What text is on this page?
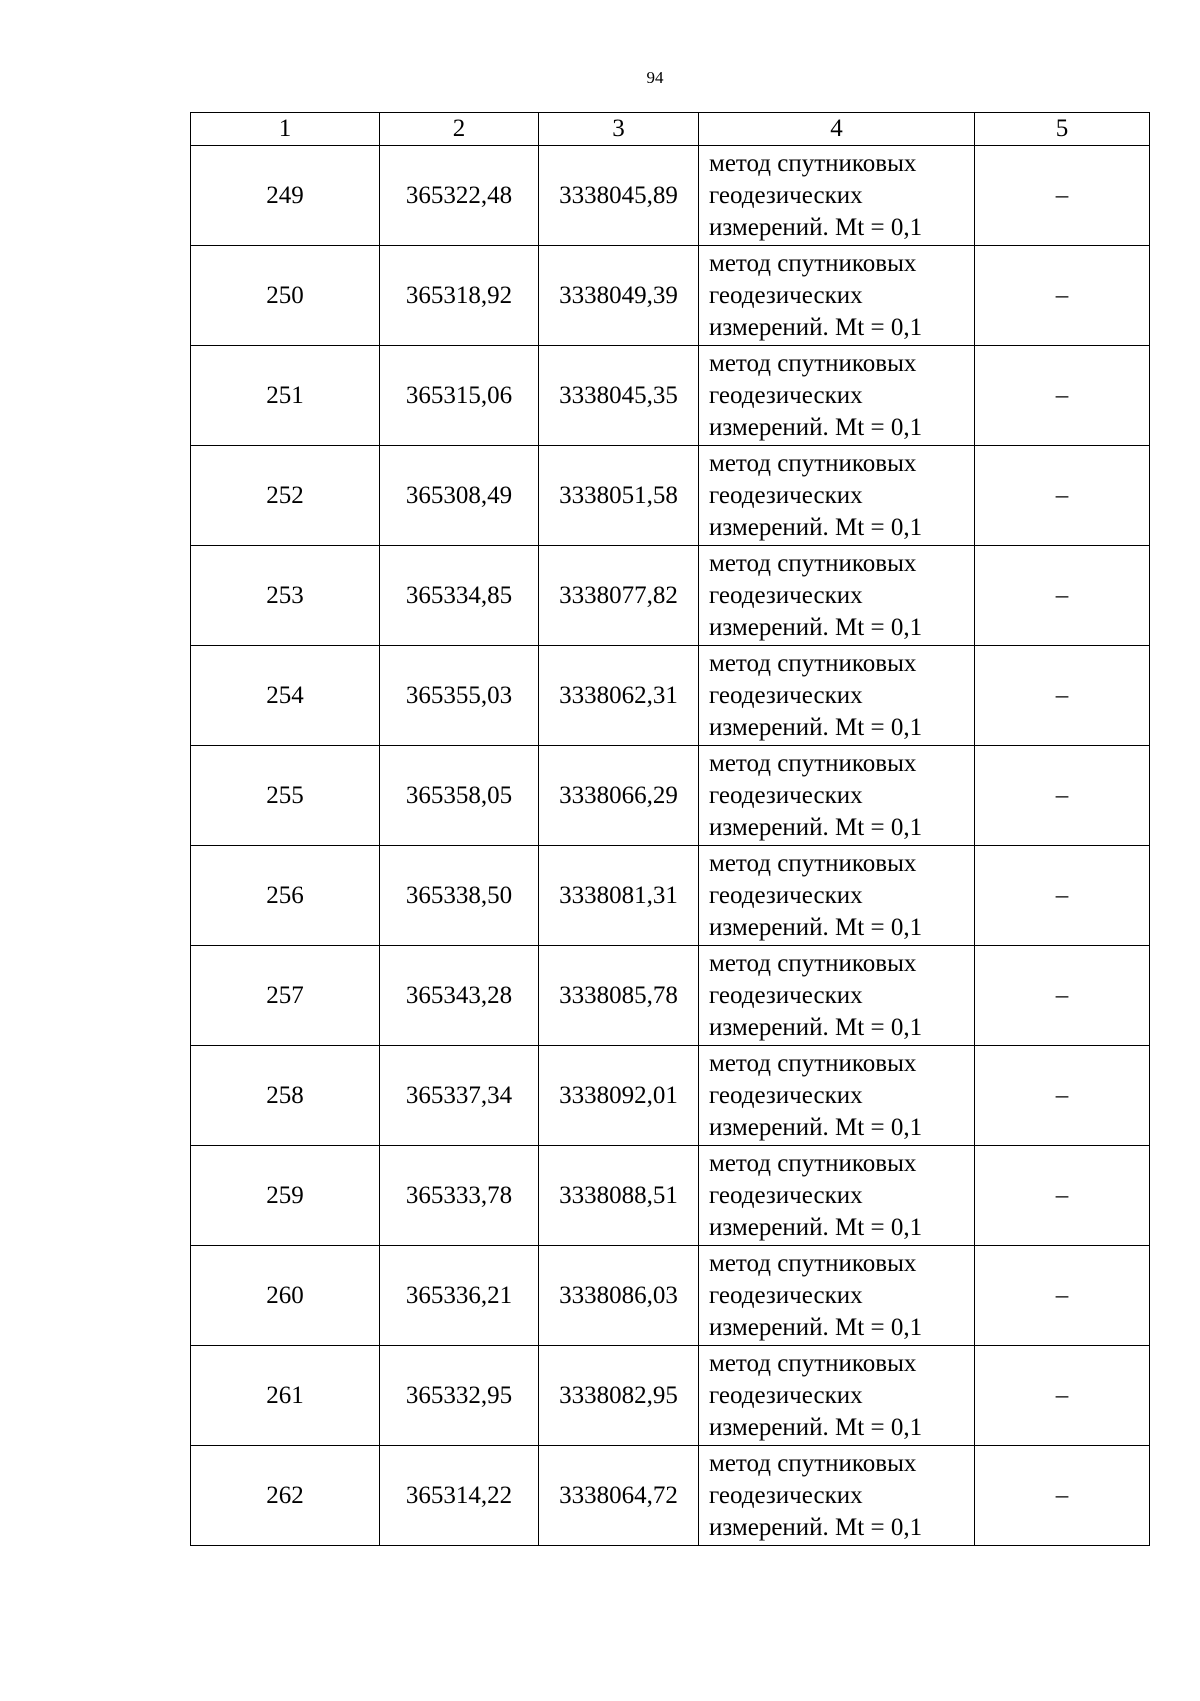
94
1	2	3	4	5
249	365322,48	3338045,89	метод спутниковых
геодезических
измерений. Mt = 0,1	–
250	365318,92	3338049,39	метод спутниковых
геодезических
измерений. Mt = 0,1	–
251	365315,06	3338045,35	метод спутниковых
геодезических
измерений. Mt = 0,1	–
252	365308,49	3338051,58	метод спутниковых
геодезических
измерений. Mt = 0,1	–
253	365334,85	3338077,82	метод спутниковых
геодезических
измерений. Mt = 0,1	–
254	365355,03	3338062,31	метод спутниковых
геодезических
измерений. Mt = 0,1	–
255	365358,05	3338066,29	метод спутниковых
геодезических
измерений. Mt = 0,1	–
256	365338,50	3338081,31	метод спутниковых
геодезических
измерений. Mt = 0,1	–
257	365343,28	3338085,78	метод спутниковых
геодезических
измерений. Mt = 0,1	–
258	365337,34	3338092,01	метод спутниковых
геодезических
измерений. Mt = 0,1	–
259	365333,78	3338088,51	метод спутниковых
геодезических
измерений. Mt = 0,1	–
260	365336,21	3338086,03	метод спутниковых
геодезических
измерений. Mt = 0,1	–
261	365332,95	3338082,95	метод спутниковых
геодезических
измерений. Mt = 0,1	–
262	365314,22	3338064,72	метод спутниковых
геодезических
измерений. Mt = 0,1	–
